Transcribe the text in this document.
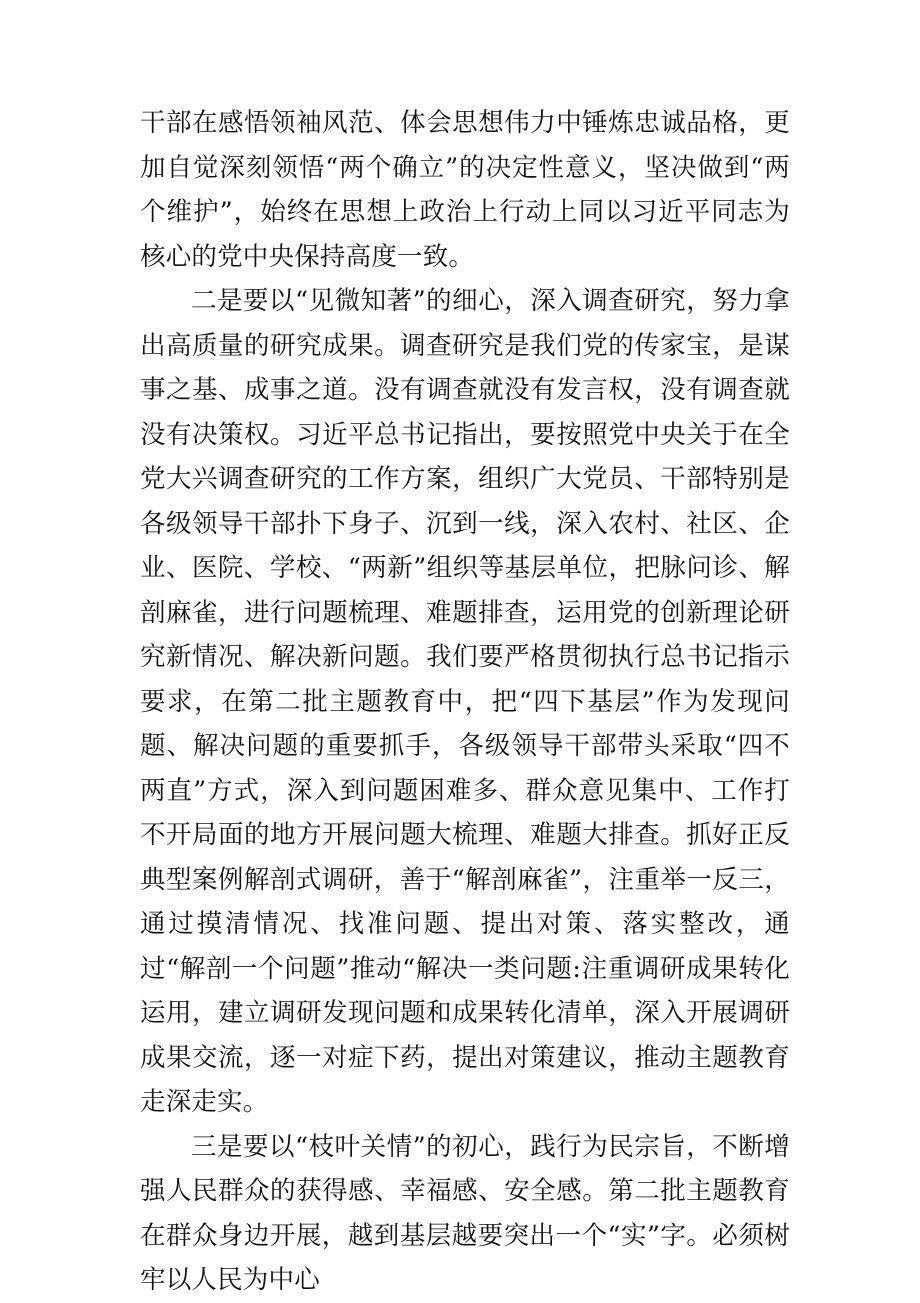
干部在感悟领袖风范、体会思想伟力中锤炼忠诚品格，更加自觉深刻领悟“两个确立”的决定性意义，坚决做到“两个维护”，始终在思想上政治上行动上同以习近平同志为核心的党中央保持高度一致。

二是要以“见微知著”的细心，深入调查研究，努力拿出高质量的研究成果。调查研究是我们党的传家宝，是谋事之基、成事之道。没有调查就没有发言权，没有调查就没有决策权。习近平总书记指出，要按照党中央关于在全党大兴调查研究的工作方案，组织广大党员、干部特别是各级领导干部扑下身子、沉到一线，深入农村、社区、企业、医院、学校、“两新”组织等基层单位，把脉问诊、解剖麻雀，进行问题梳理、难题排查，运用党的创新理论研究新情况、解决新问题。我们要严格贯彻执行总书记指示要求，在第二批主题教育中，把“四下基层”作为发现问题、解决问题的重要抓手，各级领导干部带头采取“四不两直”方式，深入到问题困难多、群众意见集中、工作打不开局面的地方开展问题大梳理、难题大排查。抓好正反典型案例解剖式调研，善于“解剖麻雀”，注重举一反三，通过摸清情况、找准问题、提出对策、落实整改，通过“解剖一个问题”推动“解决一类问题:注重调研成果转化运用，建立调研发现问题和成果转化清单，深入开展调研成果交流，逐一对症下药，提出对策建议，推动主题教育走深走实。

三是要以“枝叶关情”的初心，践行为民宗旨，不断增强人民群众的获得感、幸福感、安全感。第二批主题教育在群众身边开展，越到基层越要突出一个“实”字。必须树牢以人民为中心
